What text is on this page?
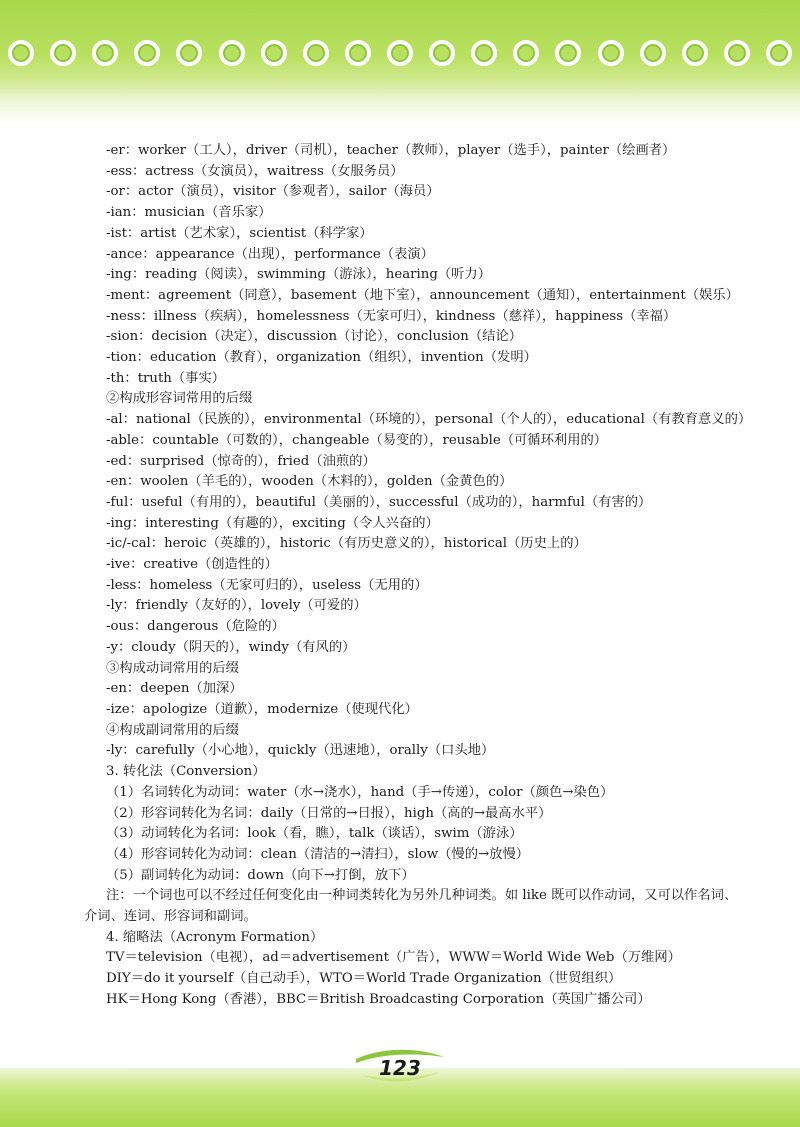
-er：worker（工人），driver（司机），teacher（教师），player（选手），painter（绘画者）
-ess：actress（女演员），waitress（女服务员）
-or：actor（演员），visitor（参观者），sailor（海员）
-ian：musician（音乐家）
-ist：artist（艺术家），scientist（科学家）
-ance：appearance（出现），performance（表演）
-ing：reading（阅读），swimming（游泳），hearing（听力）
-ment：agreement（同意），basement（地下室），announcement（通知），entertainment（娱乐）
-ness：illness（疾病），homelessness（无家可归），kindness（慈祥），happiness（幸福）
-sion：decision（决定），discussion（讨论），conclusion（结论）
-tion：education（教育），organization（组织），invention（发明）
-th：truth（事实）
②构成形容词常用的后缀
-al：national（民族的），environmental（环境的），personal（个人的），educational（有教育意义的）
-able：countable（可数的），changeable（易变的），reusable（可循环利用的）
-ed：surprised（惊奇的），fried（油煎的）
-en：woolen（羊毛的），wooden（木料的），golden（金黄色的）
-ful：useful（有用的），beautiful（美丽的），successful（成功的），harmful（有害的）
-ing：interesting（有趣的），exciting（令人兴奋的）
-ic/-cal：heroic（英雄的），historic（有历史意义的），historical（历史上的）
-ive：creative（创造性的）
-less：homeless（无家可归的），useless（无用的）
-ly：friendly（友好的），lovely（可爱的）
-ous：dangerous（危险的）
-y：cloudy（阴天的），windy（有风的）
③构成动词常用的后缀
-en：deepen（加深）
-ize：apologize（道歉），modernize（使现代化）
④构成副词常用的后缀
-ly：carefully（小心地），quickly（迅速地），orally（口头地）
3. 转化法（Conversion）
（1）名词转化为动词：water（水→浇水），hand（手→传递），color（颜色→染色）
（2）形容词转化为名词：daily（日常的→日报），high（高的→最高水平）
（3）动词转化为名词：look（看，瞧），talk（谈话），swim（游泳）
（4）形容词转化为动词：clean（清洁的→清扫），slow（慢的→放慢）
（5）副词转化为动词：down（向下→打倒，放下）
注：一个词也可以不经过任何变化由一种词类转化为另外几种词类。如 like 既可以作动词，又可以作名词、介词、连词、形容词和副词。
4. 缩略法（Acronym Formation）
TV＝television（电视），ad＝advertisement（广告），WWW＝World Wide Web（万维网）
DIY＝do it yourself（自己动手），WTO＝World Trade Organization（世贸组织）
HK＝Hong Kong（香港），BBC＝British Broadcasting Corporation（英国广播公司）
123
